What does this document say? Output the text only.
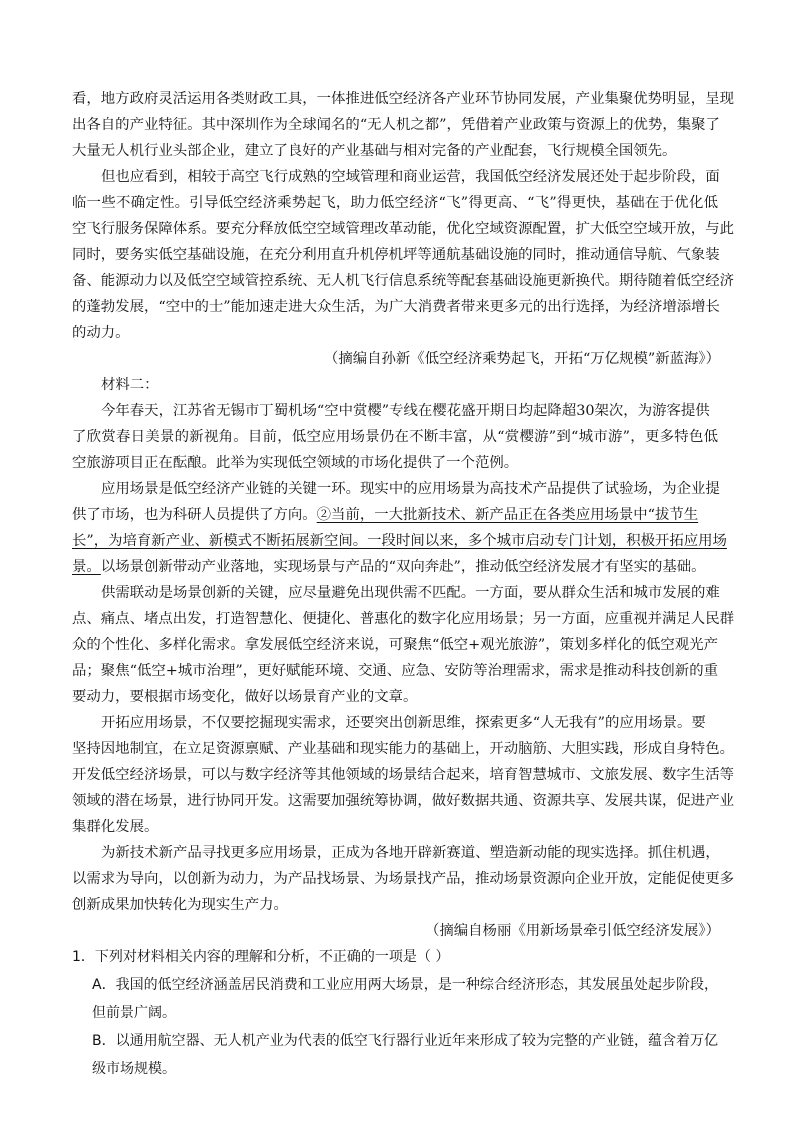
看，地方政府灵活运用各类财政工具，一体推进低空经济各产业环节协同发展，产业集聚优势明显，呈现

出各自的产业特征。其中深圳作为全球闻名的“无人机之都”，凭借着产业政策与资源上的优势，集聚了

大量无人机行业头部企业，建立了良好的产业基础与相对完备的产业配套，飞行规模全国领先。

但也应看到，相较于高空飞行成熟的空域管理和商业运营，我国低空经济发展还处于起步阶段，面

临一些不确定性。引导低空经济乘势起飞，助力低空经济“飞”得更高、“飞”得更快，基础在于优化低

空飞行服务保障体系。要充分释放低空空域管理改革动能，优化空域资源配置，扩大低空空域开放，与此

同时，要务实低空基础设施，在充分利用直升机停机坪等通航基础设施的同时，推动通信导航、气象装

备、能源动力以及低空空域管控系统、无人机飞行信息系统等配套基础设施更新换代。期待随着低空经济

的蓬勃发展，“空中的士”能加速走进大众生活，为广大消费者带来更多元的出行选择，为经济增添增长

的动力。

（摘编自孙新《低空经济乘势起飞，开拓“万亿规模”新蓝海》）

材料二：

今年春天，江苏省无锡市丁蜀机场“空中赏樱”专线在樱花盛开期日均起降超30架次，为游客提供

了欣赏春日美景的新视角。目前，低空应用场景仍在不断丰富，从“赏樱游”到“城市游”，更多特色低

空旅游项目正在酝酿。此举为实现低空领域的市场化提供了一个范例。

应用场景是低空经济产业链的关键一环。现实中的应用场景为高技术产品提供了试验场，为企业提

供了市场，也为科研人员提供了方向。②当前，一大批新技术、新产品正在各类应用场景中“拔节生

长”，为培育新产业、新模式不断拓展新空间。一段时间以来，多个城市启动专门计划，积极开拓应用场

景。以场景创新带动产业落地，实现场景与产品的“双向奔赴”，推动低空经济发展才有坚实的基础。

供需联动是场景创新的关键，应尽量避免出现供需不匹配。一方面，要从群众生活和城市发展的难

点、痛点、堵点出发，打造智慧化、便捷化、普惠化的数字化应用场景；另一方面，应重视并满足人民群

众的个性化、多样化需求。拿发展低空经济来说，可聚焦“低空+观光旅游”，策划多样化的低空观光产

品；聚焦“低空+城市治理”，更好赋能环境、交通、应急、安防等治理需求，需求是推动科技创新的重

要动力，要根据市场变化，做好以场景育产业的文章。

开拓应用场景，不仅要挖掘现实需求，还要突出创新思维，探索更多“人无我有”的应用场景。要

坚持因地制宜，在立足资源禀赋、产业基础和现实能力的基础上，开动脑筋、大胆实践，形成自身特色。

开发低空经济场景，可以与数字经济等其他领域的场景结合起来，培育智慧城市、文旅发展、数字生活等

领域的潜在场景，进行协同开发。这需要加强统筹协调，做好数据共通、资源共享、发展共谋，促进产业

集群化发展。

为新技术新产品寻找更多应用场景，正成为各地开辟新赛道、塑造新动能的现实选择。抓住机遇，

以需求为导向，以创新为动力，为产品找场景、为场景找产品，推动场景资源向企业开放，定能促使更多

创新成果加快转化为现实生产力。

（摘编自杨丽《用新场景牵引低空经济发展》）

1．下列对材料相关内容的理解和分析，不正确的一项是（ ）

A．我国的低空经济涵盖居民消费和工业应用两大场景，是一种综合经济形态，其发展虽处起步阶段，

但前景广阔。

B．以通用航空器、无人机产业为代表的低空飞行器行业近年来形成了较为完整的产业链，蕴含着万亿

级市场规模。
